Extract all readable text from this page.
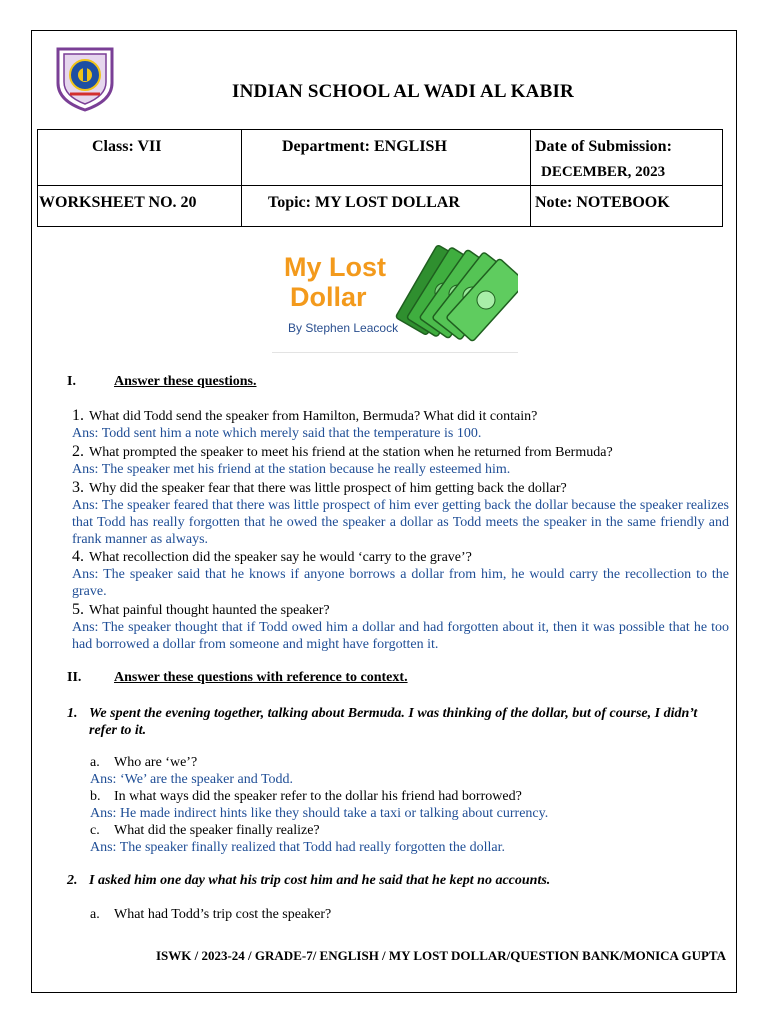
INDIAN SCHOOL AL WADI AL KABIR
Class: VII	Department: ENGLISH	Date of Submission:
DECEMBER, 2023

WORKSHEET NO. 20	Topic: MY LOST DOLLAR	Note: NOTEBOOK
My Lost
Dollar
By Stephen Leacock
I.	Answer these questions.
1. What did Todd send the speaker from Hamilton, Bermuda? What did it contain?
Ans: Todd sent him a note which merely said that the temperature is 100.
2. What prompted the speaker to meet his friend at the station when he returned from Bermuda?
Ans: The speaker met his friend at the station because he really esteemed him.
3. Why did the speaker fear that there was little prospect of him getting back the dollar?
Ans: The speaker feared that there was little prospect of him ever getting back the dollar because the speaker realizes that Todd has really forgotten that he owed the speaker a dollar as Todd meets the speaker in the same friendly and frank manner as always.
4. What recollection did the speaker say he would ‘carry to the grave’?
Ans: The speaker said that he knows if anyone borrows a dollar from him, he would carry the recollection to the grave.
5. What painful thought haunted the speaker?
Ans: The speaker thought that if Todd owed him a dollar and had forgotten about it, then it was possible that he too had borrowed a dollar from someone and might have forgotten it.
II. Answer these questions with reference to context.
1. We spent the evening together, talking about Bermuda. I was thinking of the dollar, but of course, I didn’t refer to it.
a. Who are ‘we’?
Ans: ‘We’ are the speaker and Todd.
b. In what ways did the speaker refer to the dollar his friend had borrowed?
Ans: He made indirect hints like they should take a taxi or talking about currency.
c. What did the speaker finally realize?
Ans: The speaker finally realized that Todd had really forgotten the dollar.
2. I asked him one day what his trip cost him and he said that he kept no accounts.
a. What had Todd’s trip cost the speaker?
ISWK / 2023-24 / GRADE-7/ ENGLISH / MY LOST DOLLAR/QUESTION BANK/MONICA GUPTA
